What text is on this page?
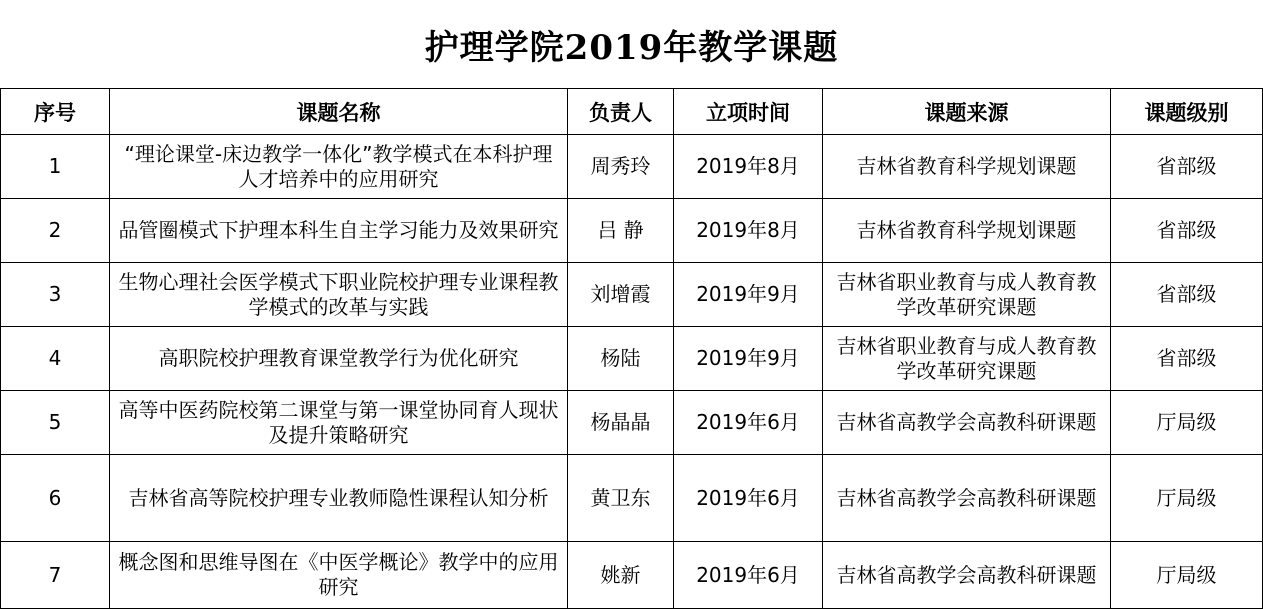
护理学院2019年教学课题
序号	课题名称	负责人	立项时间	课题来源	课题级别
1	“理论课堂-床边教学一体化”教学模式在本科护理人才培养中的应用研究	周秀玲	2019年8月	吉林省教育科学规划课题	省部级
2	品管圈模式下护理本科生自主学习能力及效果研究	吕 静	2019年8月	吉林省教育科学规划课题	省部级
3	生物心理社会医学模式下职业院校护理专业课程教学模式的改革与实践	刘增霞	2019年9月	吉林省职业教育与成人教育教学改革研究课题	省部级
4	高职院校护理教育课堂教学行为优化研究	杨陆	2019年9月	吉林省职业教育与成人教育教学改革研究课题	省部级
5	高等中医药院校第二课堂与第一课堂协同育人现状及提升策略研究	杨晶晶	2019年6月	吉林省高教学会高教科研课题	厅局级
6	吉林省高等院校护理专业教师隐性课程认知分析	黄卫东	2019年6月	吉林省高教学会高教科研课题	厅局级
7	概念图和思维导图在《中医学概论》教学中的应用研究	姚新	2019年6月	吉林省高教学会高教科研课题	厅局级
